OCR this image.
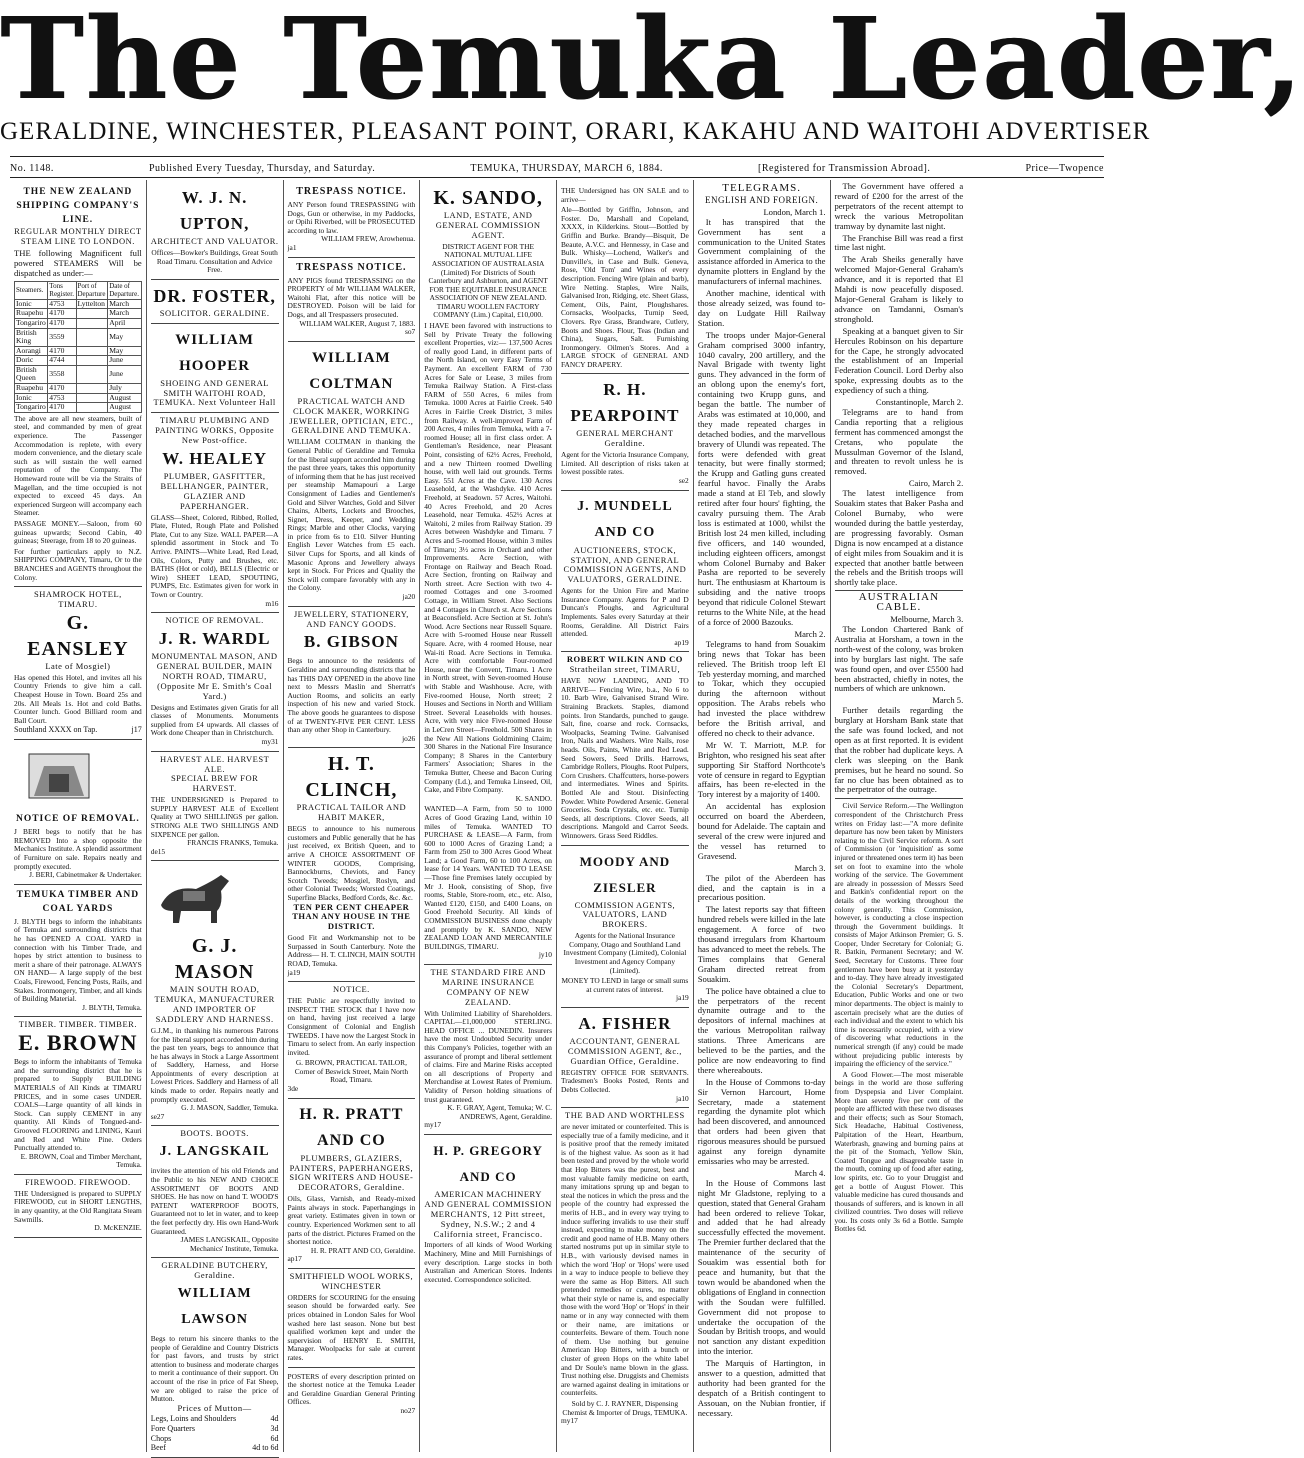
The Temuka Leader,
GERALDINE, WINCHESTER, PLEASANT POINT, ORARI, KAKAHU AND WAITOHI ADVERTISER
No. 1148.	Published Every Tuesday, Thursday, and Saturday.	TEMUKA, THURSDAY, MARCH 6, 1884.	[Registered for Transmission Abroad].	Price—Twopence
THE NEW ZEALAND SHIPPING COMPANY'S LINE.
REGULAR MONTHLY DIRECT STEAM LINE TO LONDON.
THE following Magnificent full powered STEAMERS Will be dispatched as under:—
Steamers.	Tons Register.	Port of Departure	Date of Departure.
Ionic	4753	Lyttelton	March
Ruapehu	4170		March
Tongariro	4170		April
British King	3559		May
Aorangi	4170		May
Doric	4744		June
British Queen	3558		June
Ruapehu	4170		July
Ionic	4753		August
Tongariro	4170		August
The above are all new steamers, built of steel, and commanded by men of great experience. The Passenger Accommodation is replete, with every modern convenience, and the dietary scale such as will sustain the well earned reputation of the Company. The Homeward route will be via the Straits of Magellan, and the time occupied is not expected to exceed 45 days. An experienced Surgeon will accompany each Steamer.
PASSAGE MONEY.—Saloon, from 60 guineas upwards; Second Cabin, 40 guineas; Steerage, from 18 to 20 guineas.
For further particulars apply to N.Z. SHIPPING COMPANY, Timaru, Or to the BRANCHES and AGENTS throughout the Colony.
SHAMROCK HOTEL, TIMARU.
G. EANSLEY
Late of Mosgiel)
Has opened this Hotel, and invites all his Country Friends to give him a call. Cheapest House in Town. Board 25s and 20s. All Meals 1s. Hot and cold Baths. Counter lunch. Good Billiard room and Ball Court.
Southland XXXX on Tap.	j17
NOTICE OF REMOVAL.
J BERI begs to notify that he has REMOVED Into a shop opposite the Mechanics Institute. A splendid assortment of Furniture on sale. Repairs neatly and promptly executed.
J. BERI, Cabinetmaker & Undertaker.
TEMUKA TIMBER AND COAL YARDS
J. BLYTH begs to inform the inhabitants of Temuka and surrounding districts that he has OPENED A COAL YARD in connection with his Timber Trade, and hopes by strict attention to business to merit a share of their patronage. ALWAYS ON HAND— A large supply of the best Coals, Firewood, Fencing Posts, Rails, and Stakes. Ironmongery, Timber, and all kinds of Building Material.
J. BLYTH, Temuka.
TIMBER. TIMBER. TIMBER.
E. BROWN
Begs to inform the inhabitants of Temuka and the surrounding district that he is prepared to Supply BUILDING MATERIALS of All Kinds at TIMARU PRICES, and in some cases UNDER. COALS—Large quantity of all kinds in Stock. Can supply CEMENT in any quantity. All Kinds of Tongued-and-Grooved FLOORING and LINING, Kauri and Red and White Pine. Orders Punctually attended to.
E. BROWN, Coal and Timber Merchant, Temuka.
FIREWOOD. FIREWOOD.
THE Undersigned is prepared to SUPPLY FIREWOOD, cut in SHORT LENGTHS, in any quantity, at the Old Rangitata Steam Sawmills.
D. McKENZIE.
W. J. N. UPTON,
ARCHITECT AND VALUATOR.
Offices—Bowker's Buildings, Great South Road Timaru. Consultation and Advice Free.
DR. FOSTER,
SOLICITOR. GERALDINE.
WILLIAM HOOPER
SHOEING AND GENERAL SMITH WAITOHI ROAD, TEMUKA. Next Volunteer Hall
TIMARU PLUMBING AND PAINTING WORKS, Opposite New Post-office.
W. HEALEY
PLUMBER, GASFITTER, BELLHANGER, PAINTER, GLAZIER AND PAPERHANGER.
GLASS—Sheet, Colored, Ribbed, Rolled, Plate, Fluted, Rough Plate and Polished Plate, Cut to any Size. WALL PAPER—A splendid assortment in Stock and To Arrive. PAINTS—White Lead, Red Lead, Oils, Colors, Putty and Brushes, etc. BATHS (Hot or cold), BELLS (Electric or Wire) SHEET LEAD, SPOUTING, PUMPS, Etc. Estimates given for work in Town or Country.
m16
NOTICE OF REMOVAL.
J. R. WARDL
MONUMENTAL MASON, AND GENERAL BUILDER, MAIN NORTH ROAD, TIMARU, (Opposite Mr E. Smith's Coal Yard.)
Designs and Estimates given Gratis for all classes of Monuments. Monuments supplied from £4 upwards. All classes of Work done Cheaper than in Christchurch.
my31
HARVEST ALE. HARVEST ALE.
SPECIAL BREW FOR HARVEST.
THE UNDERSIGNED is Prepared to SUPPLY HARVEST ALE of Excellent Quality at TWO SHILLINGS per gallon. STRONG ALE TWO SHILLINGS AND SIXPENCE per gallon.
FRANCIS FRANKS, Temuka.
de15
G. J. MASON
MAIN SOUTH ROAD, TEMUKA, MANUFACTURER AND IMPORTER OF SADDLERY AND HARNESS.
G.J.M., in thanking his numerous Patrons for the liberal support accorded him during the past ten years, begs to announce that he has always in Stock a Large Assortment of Saddlery, Harness, and Horse Appointments of every description at Lowest Prices. Saddlery and Harness of all kinds made to order. Repairs neatly and promptly executed.
G. J. MASON, Saddler, Temuka.
se27
BOOTS. BOOTS.
J. LANGSKAIL
invites the attention of his old Friends and the Public to his NEW AND CHOICE ASSORTMENT OF BOOTS AND SHOES. He has now on hand T. WOOD'S PATENT WATERPROOF BOOTS, Guaranteed not to let in water, and to keep the feet perfectly dry. His own Hand-Work Guaranteed.
JAMES LANGSKAIL, Opposite Mechanics' Institute, Temuka.
GERALDINE BUTCHERY, Geraldine.
WILLIAM LAWSON
Begs to return his sincere thanks to the people of Geraldine and Country Districts for past favors, and trusts by strict attention to business and moderate charges to merit a continuance of their support. On account of the rise in price of Fat Sheep, we are obliged to raise the price of Mutton.
Prices of Mutton—
Legs, Loins and Shoulders	4d
Fore Quarters	3d
Chops	6d
Beef	4d to 6d
TRESPASS NOTICE.
ANY Person found TRESPASSING with Dogs, Gun or otherwise, in my Paddocks, or Opihi Riverbed, will be PROSECUTED according to law.
WILLIAM FREW, Arowhenua.
ja1
TRESPASS NOTICE.
ANY PIGS found TRESPASSING on the PROPERTY of Mr WILLIAM WALKER, Waitohi Flat, after this notice will be DESTROYED. Poison will be laid for Dogs, and all Trespassers prosecuted.
WILLIAM WALKER, August 7, 1883.
so7
WILLIAM COLTMAN
PRACTICAL WATCH AND CLOCK MAKER, WORKING JEWELLER, OPTICIAN, ETC., GERALDINE AND TEMUKA.
WILLIAM COLTMAN in thanking the General Public of Geraldine and Temuka for the liberal support accorded him during the past three years, takes this opportunity of informing them that he has just received per steamship Mamapouri a Large Consignment of Ladies and Gentlemen's Gold and Silver Watches, Gold and Silver Chains, Alberts, Lockets and Brooches, Signet, Dress, Keeper, and Wedding Rings; Marble and other Clocks, varying in price from 6s to £10. Silver Hunting English Lever Watches from £5 each. Silver Cups for Sports, and all kinds of Masonic Aprons and Jewellery always kept in Stock. For Prices and Quality the Stock will compare favorably with any in the Colony.
ja20
JEWELLERY, STATIONERY, AND FANCY GOODS.
B. GIBSON
Begs to announce to the residents of Geraldine and surrounding districts that he has THIS DAY OPENED in the above line next to Messrs Maslin and Sherratt's Auction Rooms, and solicits an early inspection of his new and varied Stock. The above goods he guarantees to dispose of at TWENTY-FIVE PER CENT. LESS than any other Shop in Canterbury.
jo26
H. T. CLINCH,
PRACTICAL TAILOR AND HABIT MAKER,
BEGS to announce to his numerous customers and Public generally that he has just received, ex British Queen, and to arrive A CHOICE ASSORTMENT OF WINTER GOODS, Comprising, Bannockburns, Cheviots, and Fancy Scotch Tweeds; Mosgiel, Roslyn, and other Colonial Tweeds; Worsted Coatings, Superfine Blacks, Bedford Cords, &c. &c.
TEN PER CENT CHEAPER THAN ANY HOUSE IN THE DISTRICT.
Good Fit and Workmanship not to be Surpassed in South Canterbury. Note the Address— H. T. CLINCH, MAIN SOUTH ROAD, Temuka.
ja19
NOTICE.
THE Public are respectfully invited to INSPECT THE STOCK that I have now on hand, having just received a large Consignment of Colonial and English TWEEDS. I have now the Largest Stock in Timaru to select from. An early inspection invited.
G. BROWN, PRACTICAL TAILOR, Corner of Beswick Street, Main North Road, Timaru.
3de
H. R. PRATT AND CO
PLUMBERS, GLAZIERS, PAINTERS, PAPERHANGERS, SIGN WRITERS AND HOUSE-DECORATORS, Geraldine.
Oils, Glass, Varnish, and Ready-mixed Paints always in stock. Paperhangings in great variety. Estimates given in town or country. Experienced Workmen sent to all parts of the district. Pictures Framed on the shortest notice.
H. R. PRATT AND CO, Geraldine.
ap17
SMITHFIELD WOOL WORKS, WINCHESTER
ORDERS for SCOURING for the ensuing season should be forwarded early. See prices obtained in London Sales for Wool washed here last season. None but best qualified workmen kept and under the supervision of HENRY E. SMITH, Manager. Woolpacks for sale at current rates.
POSTERS of every description printed on the shortest notice at the Temuka Leader and Geraldine Guardian General Printing Offices.
no27
K. SANDO,
LAND, ESTATE, AND GENERAL COMMISSION AGENT.
DISTRICT AGENT FOR THE NATIONAL MUTUAL LIFE ASSOCIATION OF AUSTRALASIA (Limited) For Districts of South Canterbury and Ashburton, and AGENT FOR THE EQUITABLE INSURANCE ASSOCIATION OF NEW ZEALAND. TIMARU WOOLLEN FACTORY COMPANY (Lim.) Capital, £10,000.
I HAVE been favored with instructions to Sell by Private Treaty the following excellent Properties, viz:— 137,500 Acres of really good Land, in different parts of the North Island, on very Easy Terms of Payment. An excellent FARM of 730 Acres for Sale or Lease, 3 miles from Temuka Railway Station. A First-class FARM of 550 Acres, 6 miles from Temuka. 1000 Acres at Fairlie Creek. 540 Acres in Fairlie Creek District, 3 miles from Railway. A well-improved Farm of 200 Acres, 4 miles from Temuka, with a 7-roomed House; all in first class order. A Gentleman's Residence, near Pleasant Point, consisting of 62½ Acres, Freehold, and a new Thirteen roomed Dwelling house, with well laid out grounds. Terms Easy. 551 Acres at the Cave. 130 Acres Leasehold, at the Washdyke. 410 Acres Freehold, at Seadown. 57 Acres, Waitohi. 40 Acres Freehold, and 20 Acres Leasehold, near Temuka. 452½ Acres at Waitohi, 2 miles from Railway Station. 39 Acres between Washdyke and Timaru. 7 Acres and 5-roomed House, within 3 miles of Timaru; 3½ acres in Orchard and other Improvements. Acre Section, with Frontage on Railway and Beach Road. Acre Section, fronting on Railway and North street. Acre Section with two 4-roomed Cottages and one 3-roomed Cottage, in William Street. Also Sections and 4 Cottages in Church st. Acre Sections at Beaconsfield. Acre Section at St. John's Wood. Acre Sections near Russell Square. Acre with 5-roomed House near Russell Square. Acre, with 4 roomed House, near Wai-iti Road. Acre Sections in Temuka. Acre with comfortable Four-roomed House, near the Convent, Timaru. 1 Acre in North street, with Seven-roomed House with Stable and Washhouse. Acre, with Five-roomed House, North street; 2 Houses and Sections in North and William Street. Several Leaseholds with houses. Acre, with very nice Five-roomed House in LeCren Street—Freehold. 500 Shares in the New All Nations Goldmining Claim; 300 Shares in the National Fire Insurance Company; 8 Shares in the Canterbury Farmers' Association; Shares in the Temuka Butter, Cheese and Bacon Curing Company (Ld.), and Temuka Linseed, Oil, Cake, and Fibre Company.
K. SANDO.
WANTED—A Farm, from 50 to 1000 Acres of Good Grazing Land, within 10 miles of Temuka. WANTED TO PURCHASE & LEASE—A Farm, from 600 to 1000 Acres of Grazing Land; a Farm from 250 to 300 Acres Good Wheat Land; a Good Farm, 60 to 100 Acres, on lease for 14 Years. WANTED TO LEASE—Those fine Premises lately occupied by Mr J. Hook, consisting of Shop, five rooms, Stable, Store-room, etc., etc. Also, Wanted £120, £150, and £400 Loans, on Good Freehold Security. All kinds of COMMISSION BUSINESS done cheaply and promptly by K. SANDO, NEW ZEALAND LOAN AND MERCANTILE BUILDINGS, TIMARU.
jy10
THE STANDARD FIRE AND MARINE INSURANCE COMPANY OF NEW ZEALAND.
With Unlimited Liability of Shareholders. CAPITAL—£1,000,000 STERLING. HEAD OFFICE ... DUNEDIN. Insurers have the most Undoubted Security under this Company's Policies, together with an assurance of prompt and liberal settlement of claims. Fire and Marine Risks accepted on all descriptions of Property and Merchandise at Lowest Rates of Premium. Validity of Person holding situations of trust guaranteed.
K. F. GRAY, Agent, Temuka; W. C. ANDREWS, Agent, Geraldine.
my17
H. P. GREGORY AND CO
AMERICAN MACHINERY AND GENERAL COMMISSION MERCHANTS, 12 Pitt street, Sydney, N.S.W.; 2 and 4 California street, Francisco.
Importers of all kinds of Wood Working Machinery, Mine and Mill Furnishings of every description. Large stocks in both Australian and American Stores. Indents executed. Correspondence solicited.
THE Undersigned has ON SALE and to arrive—
Ale—Bottled by Griffin, Johnson, and Foster. Do, Marshall and Copeland, XXXX, in Kilderkins. Stout—Bottled by Griffin and Burke. Brandy—Bisquit, De Beaute, A.V.C. and Hennessy, in Case and Bulk. Whisky—Lochend, Walker's and Dunville's, in Case and Bulk. Geneva, Rose, 'Old Tom' and Wines of every description. Fencing Wire (plain and barb), Wire Netting. Staples, Wire Nails, Galvanised Iron, Ridging, etc. Sheet Glass, Cement, Oils, Paint, Ploughshares. Cornsacks, Woolpacks, Turnip Seed, Clovers. Rye Grass, Brandware, Cutlery, Boots and Shoes. Flour, Teas (Indian and China), Sugars, Salt. Furnishing Ironmongery. Oilmen's Stores. And a LARGE STOCK of GENERAL AND FANCY DRAPERY.
R. H. PEARPOINT
GENERAL MERCHANT Geraldine.
Agent for the Victoria Insurance Company, Limited. All description of risks taken at lowest possible rates.
se2
J. MUNDELL AND CO
AUCTIONEERS, STOCK, STATION, AND GENERAL COMMISSION AGENTS, AND VALUATORS, GERALDINE.
Agents for the Union Fire and Marine Insurance Company. Agents for P and D Duncan's Ploughs, and Agricultural Implements. Sales every Saturday at their Rooms, Geraldine. All District Fairs attended.
ap19
ROBERT WILKIN AND CO
Stratheilan street, TIMARU,
HAVE NOW LANDING, AND TO ARRIVE— Fencing Wire, b.a., No 6 to 10. Barb Wire, Galvanised Strand Wire. Straining Brackets. Staples, diamond points. Iron Standards, punched to gauge. Salt, fine, coarse and rock. Cornsacks, Woolpacks, Seaming Twine. Galvanised Iron, Nails and Washers. Wire Nails, rose heads. Oils, Paints, White and Red Lead. Seed Sowers, Seed Drills. Harrows, Cambridge Rollers, Ploughs. Root Pulpers, Corn Crushers. Chaffcutters, horse-powers and intermediates. Wines and Spirits. Bottled Ale and Stout. Disinfecting Powder. White Powdered Arsenic. General Groceries. Soda Crystals, etc. etc. Turnip Seeds, all descriptions. Clover Seeds, all descriptions. Mangold and Carrot Seeds. Winnowers. Grass Seed Riddles.
MOODY AND ZIESLER
COMMISSION AGENTS, VALUATORS, LAND BROKERS.
Agents for the National Insurance Company, Otago and Southland Land Investment Company (Limited), Colonial Investment and Agency Company (Limited).
MONEY TO LEND in large or small sums at current rates of interest.
ja19
A. FISHER
ACCOUNTANT, GENERAL COMMISSION AGENT, &c., Guardian Office, Geraldine.
REGISTRY OFFICE FOR SERVANTS. Tradesmen's Books Posted, Rents and Debts Collected.
ja10
THE BAD AND WORTHLESS
are never imitated or counterfeited. This is especially true of a family medicine, and it is positive proof that the remedy imitated is of the highest value. As soon as it had been tested and proved by the whole world that Hop Bitters was the purest, best and most valuable family medicine on earth, many imitations sprung up and began to steal the notices in which the press and the people of the country had expressed the merits of H.B., and in every way trying to induce suffering invalids to use their stuff instead, expecting to make money on the credit and good name of H.B. Many others started nostrums put up in similar style to H.B., with variously devised names in which the word 'Hop' or 'Hops' were used in a way to induce people to believe they were the same as Hop Bitters. All such pretended remedies or cures, no matter what their style or name is, and especially those with the word 'Hop' or 'Hops' in their name or in any way connected with them or their name, are imitations or counterfeits. Beware of them. Touch none of them. Use nothing but genuine American Hop Bitters, with a bunch or cluster of green Hops on the white label and Dr Soule's name blown in the glass. Trust nothing else. Druggists and Chemists are warned against dealing in imitations or counterfeits.
Sold by C. J. RAYNER, Dispensing Chemist & Importer of Drugs, TEMUKA.
my17
TELEGRAMS.
ENGLISH AND FOREIGN.
London, March 1.

It has transpired that the Government has sent a communication to the United States Government complaining of the assistance afforded in America to the dynamite plotters in England by the manufacturers of infernal machines.

Another machine, identical with those already seized, was found to-day on Ludgate Hill Railway Station.

The troops under Major-General Graham comprised 3000 infantry, 1040 cavalry, 200 artillery, and the Naval Brigade with twenty light guns. They advanced in the form of an oblong upon the enemy's fort, containing two Krupp guns, and began the battle. The number of Arabs was estimated at 10,000, and they made repeated charges in detached bodies, and the marvellous bravery of Ulundi was repeated. The forts were defended with great tenacity, but were finally stormed; the Krupp and Gatling guns created fearful havoc. Finally the Arabs made a stand at El Teb, and slowly retired after four hours' fighting, the cavalry pursuing them. The Arab loss is estimated at 1000, whilst the British lost 24 men killed, including five officers, and 140 wounded, including eighteen officers, amongst whom Colonel Burnaby and Baker Pasha are reported to be severely hurt. The enthusiasm at Khartoum is subsiding and the native troops beyond that ridicule Colonel Stewart returns to the White Nile, at the head of a force of 2000 Bazouks.

March 2.

Telegrams to hand from Souakim bring news that Tokar has been relieved. The British troop left El Teb yesterday morning, and marched to Tokar, which they occupied during the afternoon without opposition. The Arabs rebels who had invested the place withdrew before the British arrival, and offered no check to their advance.

Mr W. T. Marriott, M.P. for Brighton, who resigned his seat after supporting Sir Stafford Northcote's vote of censure in regard to Egyptian affairs, has been re-elected in the Tory interest by a majority of 1400.

An accidental has explosion occurred on board the Aberdeen, bound for Adelaide. The captain and several of the crew were injured and the vessel has returned to Gravesend.

March 3.

The pilot of the Aberdeen has died, and the captain is in a precarious position.

The latest reports say that fifteen hundred rebels were killed in the late engagement. A force of two thousand irregulars from Khartoum has advanced to meet the rebels. The Times complains that General Graham directed retreat from Souakim.

The police have obtained a clue to the perpetrators of the recent dynamite outrage and to the depositors of infernal machines at the various Metropolitan railway stations. Three Americans are believed to be the parties, and the police are now endeavoring to find there whereabouts.

In the House of Commons to-day Sir Vernon Harcourt, Home Secretary, made a statement regarding the dynamite plot which had been discovered, and announced that orders had been given that rigorous measures should be pursued against any foreign dynamite emissaries who may be arrested.

March 4.

In the House of Commons last night Mr Gladstone, replying to a question, stated that General Graham had been ordered to relieve Tokar, and added that he had already successfully effected the movement. The Premier further declared that the maintenance of the security of Souakim was essential both for peace and humanity, but that the town would be abandoned when the obligations of England in connection with the Soudan were fulfilled. Government did not propose to undertake the occupation of the Soudan by British troops, and would not sanction any distant expedition into the interior.

The Marquis of Hartington, in answer to a question, admitted that authority had been granted for the despatch of a British contingent to Assouan, on the Nubian frontier, if necessary.

The Government have offered a reward of £200 for the arrest of the perpetrators of the recent attempt to wreck the various Metropolitan tramway by dynamite last night.

The Franchise Bill was read a first time last night.

The Arab Sheiks generally have welcomed Major-General Graham's advance, and it is reported that El Mahdi is now peacefully disposed. Major-General Graham is likely to advance on Tamdanni, Osman's stronghold.

Speaking at a banquet given to Sir Hercules Robinson on his departure for the Cape, he strongly advocated the establishment of an Imperial Federation Council. Lord Derby also spoke, expressing doubts as to the expediency of such a thing.

Constantinople, March 2.

Telegrams are to hand from Candia reporting that a religious ferment has commenced amongst the Cretans, who populate the Mussulman Governor of the Island, and threaten to revolt unless he is removed.

Cairo, March 2.

The latest intelligence from Souakim states that Baker Pasha and Colonel Burnaby, who were wounded during the battle yesterday, are progressing favorably. Osman Digna is now encamped at a distance of eight miles from Souakim and it is expected that another battle between the rebels and the British troops will shortly take place.

AUSTRALIAN CABLE.
Melbourne, March 3.

The London Chartered Bank of Australia at Horsham, a town in the north-west of the colony, was broken into by burglars last night. The safe was found open, and over £5500 had been abstracted, chiefly in notes, the numbers of which are unknown.

March 5.

Further details regarding the burglary at Horsham Bank state that the safe was found locked, and not open as at first reported. It is evident that the robber had duplicate keys. A clerk was sleeping on the Bank premises, but he heard no sound. So far no clue has been obtained as to the perpetrator of the outrage.

Civil Service Reform.—The Wellington correspondent of the Christchurch Press writes on Friday last:—"A more definite departure has now been taken by Ministers relating to the Civil Service reform. A sort of Commission (or 'inquisition' as some injured or threatened ones term it) has been set on foot to examine into the whole working of the service. The Government are already in possession of Messrs Seed and Batkin's confidential report on the details of the working throughout the colony generally. This Commission, however, is conducting a close inspection through the Government buildings. It consists of Major Atkinson Premier; G. S. Cooper, Under Secretary for Colonial; G. R. Batkin, Permanent Secretary; and W. Seed, Secretary for Customs. Three four gentlemen have been busy at it yesterday and to-day. They have already investigated the Colonial Secretary's Department, Education, Public Works and one or two minor departments. The object is mainly to ascertain precisely what are the duties of each individual and the extent to which his time is necessarily occupied, with a view of discovering what reductions in the numerical strength (if any) could be made without prejudicing public interests by impairing the efficiency of the service."

A Good Flower.—The most miserable beings in the world are those suffering from Dyspepsia and Liver Complaint. More than seventy five per cent of the people are afflicted with these two diseases and their effects; such as Sour Stomach, Sick Headache, Habitual Costiveness, Palpitation of the Heart, Heartburn, Waterbrash, gnawing and burning pains at the pit of the Stomach, Yellow Skin, Coated Tongue and disagreeable taste in the mouth, coming up of food after eating, low spirits, etc. Go to your Druggist and get a bottle of August Flower. This valuable medicine has cured thousands and thousands of sufferers, and is known in all civilized countries. Two doses will relieve you. Its costs only 3s 6d a Bottle. Sample Bottles 6d.
